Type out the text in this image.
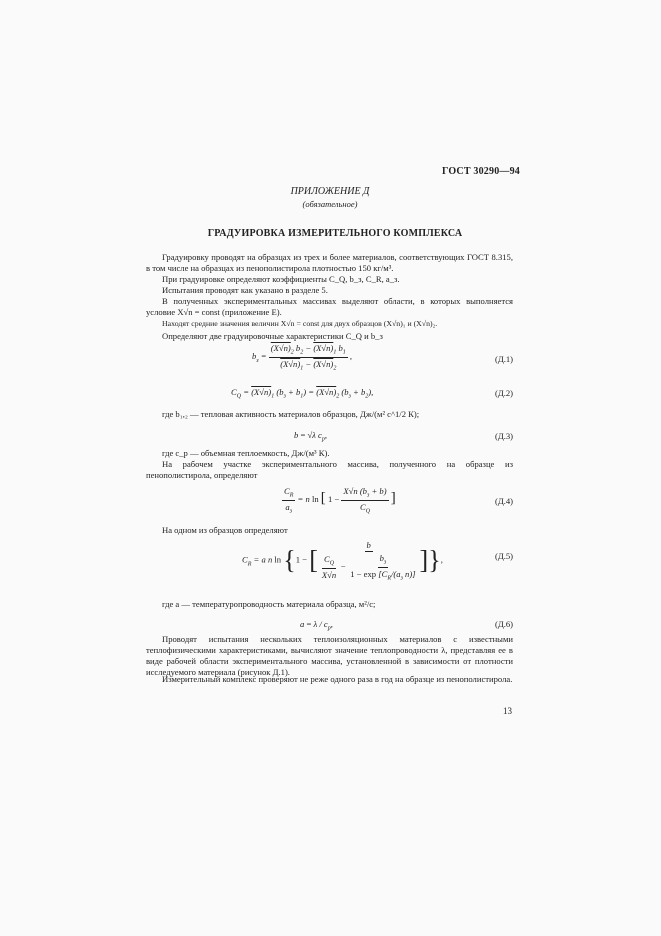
ГОСТ 30290—94
ПРИЛОЖЕНИЕ Д
(обязательное)
ГРАДУИРОВКА ИЗМЕРИТЕЛЬНОГО КОМПЛЕКСА
Градуировку проводят на образцах из трех и более материалов, соответствующих ГОСТ 8.315, в том числе на образцах из пенополистирола плотностью 150 кг/м³.
При градуировке определяют коэффициенты C_Q, b_з, C_R, a_з.
Испытания проводят как указано в разделе 5.
В полученных экспериментальных массивах выделяют области, в которых выполняется условие X√n = const (приложение Е).
Находят средние значения величин X√n = const для двух образцов (X√n)₁ и (X√n)₂.
Определяют две градуировочные характеристики C_Q и b_з
$b_з = \frac{(X√n)_2 b_2 - (X√n)_1 b_1}{(X√n)_1 - (X√n)_2}$ ,	(Д.1)
$C_Q = (X√n)_1$ $(b_з + b_1) = (X√n)_2$ $(b_з + b_2)$,	(Д.2)
где b₁,₂ — тепловая активность материалов образцов, Дж/(м² с^1/2 К);
b = √λ $c_р$,	(Д.3)
где c_р — объемная теплоемкость, Дж/(м³ К).
На рабочем участке экспериментального массива, полученного на образце из пенополистирола, определяют
$\frac{C_R}{a_з} = n$ ln [ $1 - \frac{X√n (b_з + b)}{C_Q}$ ]	(Д.4)
На одном из образцов определяют
$C_R = a$ n ln {1 − [ $\frac{b}{\frac{C_Q}{X√n} - \frac{b_з}{1 - \exp [C_R/(a_з n)]}}$ ]},	(Д.5)
где a — температуропроводность материала образца, м²/с;
$a = \lambda / c_р$,	(Д.6)
Проводят испытания нескольких теплоизоляционных материалов с известными теплофизическими характеристиками, вычисляют значение теплопроводности λ, представляя ее в виде рабочей области экспериментального массива, установленной в зависимости от плотности исследуемого материала (рисунок Д.1).
Измерительный комплекс проверяют не реже одного раза в год на образце из пенополистирола.
13
